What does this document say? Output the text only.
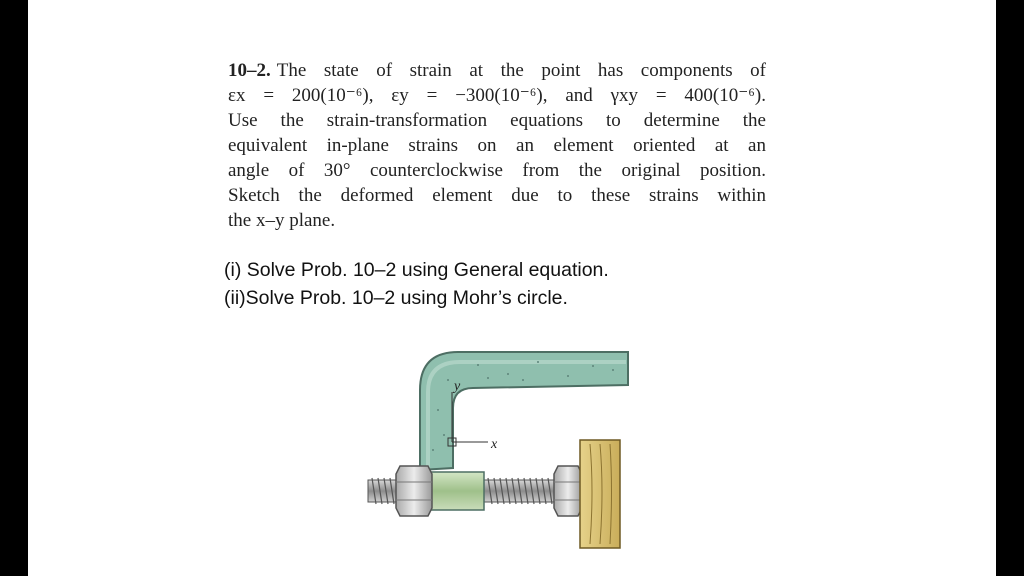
10–2. The state of strain at the point has components of
εx = 200(10⁻⁶), εy = −300(10⁻⁶), and γxy = 400(10⁻⁶).
Use the strain-transformation equations to determine the
equivalent in-plane strains on an element oriented at an
angle of 30° counterclockwise from the original position.
Sketch the deformed element due to these strains within
the x–y plane.
(i) Solve Prob. 10–2 using General equation.
(ii)Solve Prob. 10–2 using Mohr’s circle.
y
x
